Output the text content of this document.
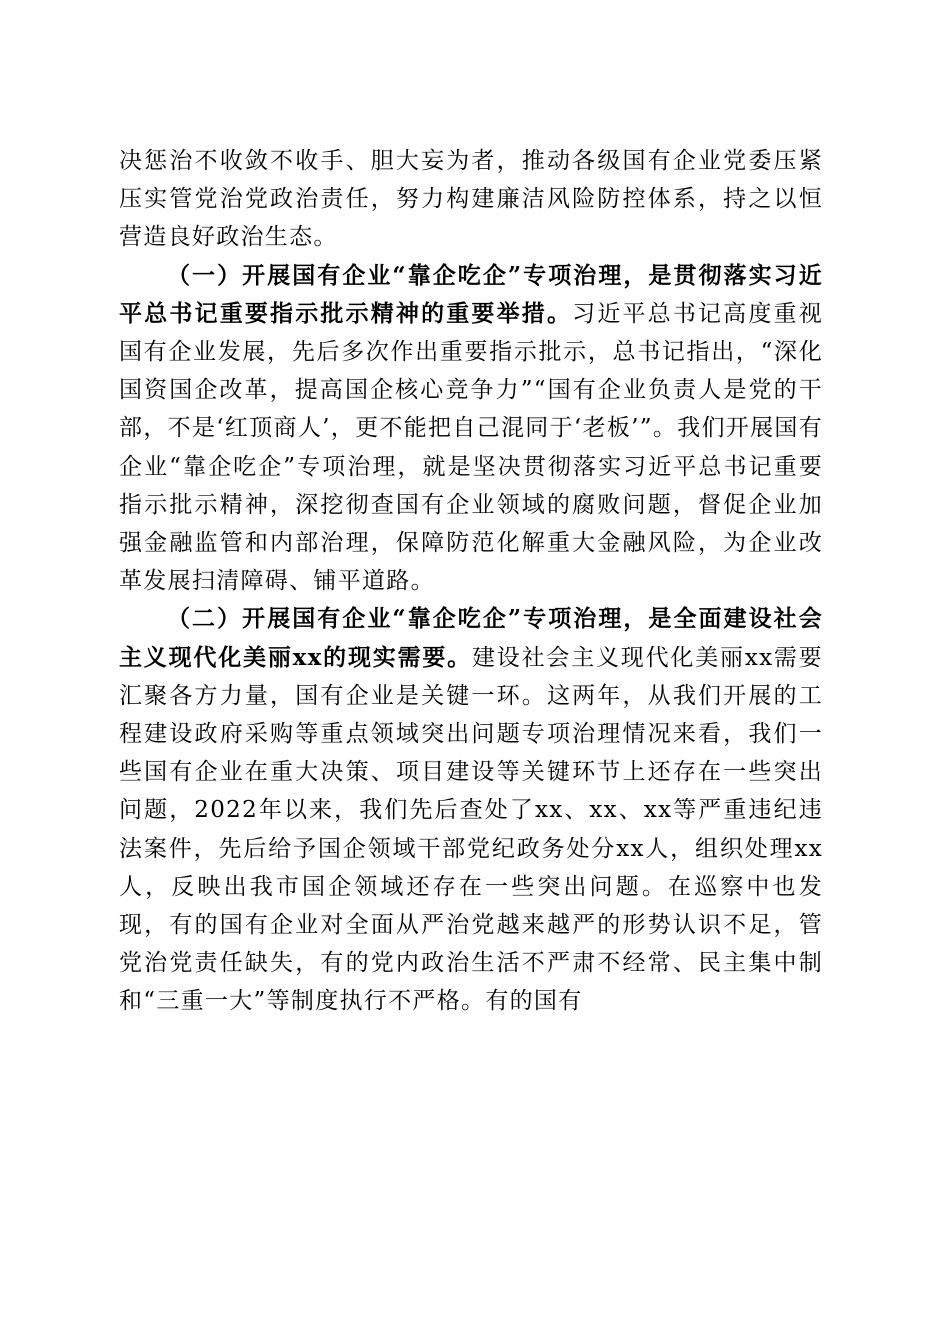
决惩治不收敛不收手、胆大妄为者，推动各级国有企业党委压紧压实管党治党政治责任，努力构建廉洁风险防控体系，持之以恒营造良好政治生态。

（一）开展国有企业“靠企吃企”专项治理，是贯彻落实习近平总书记重要指示批示精神的重要举措。习近平总书记高度重视国有企业发展，先后多次作出重要指示批示，总书记指出，“深化国资国企改革，提高国企核心竞争力”“国有企业负责人是党的干部，不是‘红顶商人’，更不能把自己混同于‘老板’”。我们开展国有企业“靠企吃企”专项治理，就是坚决贯彻落实习近平总书记重要指示批示精神，深挖彻查国有企业领域的腐败问题，督促企业加强金融监管和内部治理，保障防范化解重大金融风险，为企业改革发展扫清障碍、铺平道路。

（二）开展国有企业“靠企吃企”专项治理，是全面建设社会主义现代化美丽xx的现实需要。建设社会主义现代化美丽xx需要汇聚各方力量，国有企业是关键一环。这两年，从我们开展的工程建设政府采购等重点领域突出问题专项治理情况来看，我们一些国有企业在重大决策、项目建设等关键环节上还存在一些突出问题，2022年以来，我们先后查处了xx、xx、xx等严重违纪违法案件，先后给予国企领域干部党纪政务处分xx人，组织处理xx人，反映出我市国企领域还存在一些突出问题。在巡察中也发现，有的国有企业对全面从严治党越来越严的形势认识不足，管党治党责任缺失，有的党内政治生活不严肃不经常、民主集中制和“三重一大”等制度执行不严格。有的国有
